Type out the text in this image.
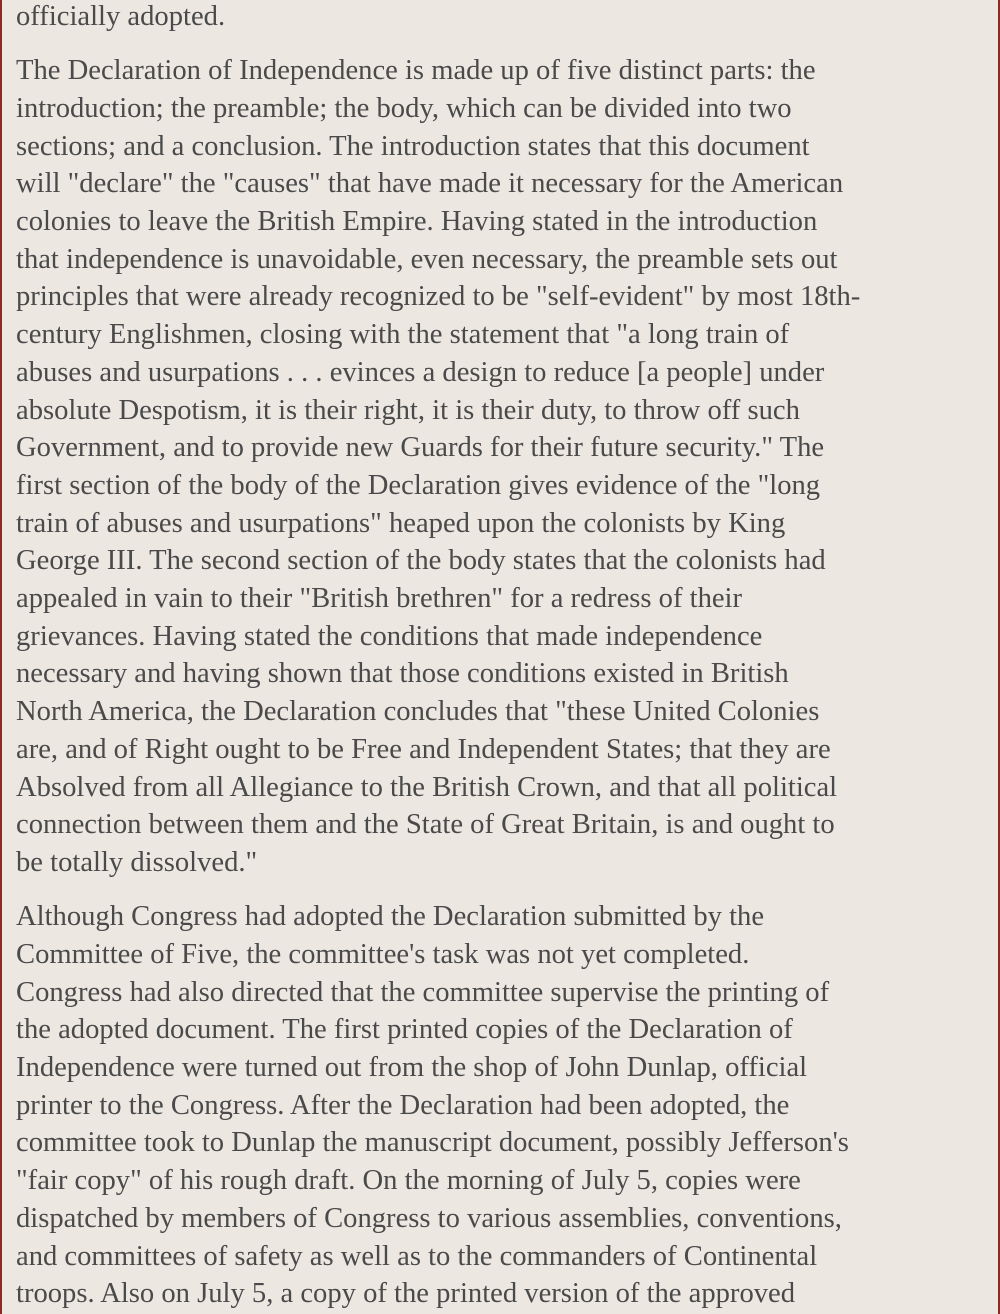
officially adopted.

The Declaration of Independence is made up of five distinct parts: the
introduction; the preamble; the body, which can be divided into two
sections; and a conclusion. The introduction states that this document
will "declare" the "causes" that have made it necessary for the American
colonies to leave the British Empire. Having stated in the introduction
that independence is unavoidable, even necessary, the preamble sets out
principles that were already recognized to be "self-evident" by most 18th-
century Englishmen, closing with the statement that "a long train of
abuses and usurpations . . . evinces a design to reduce [a people] under
absolute Despotism, it is their right, it is their duty, to throw off such
Government, and to provide new Guards for their future security." The
first section of the body of the Declaration gives evidence of the "long
train of abuses and usurpations" heaped upon the colonists by King
George III. The second section of the body states that the colonists had
appealed in vain to their "British brethren" for a redress of their
grievances. Having stated the conditions that made independence
necessary and having shown that those conditions existed in British
North America, the Declaration concludes that "these United Colonies
are, and of Right ought to be Free and Independent States; that they are
Absolved from all Allegiance to the British Crown, and that all political
connection between them and the State of Great Britain, is and ought to
be totally dissolved."

Although Congress had adopted the Declaration submitted by the
Committee of Five, the committee's task was not yet completed.
Congress had also directed that the committee supervise the printing of
the adopted document. The first printed copies of the Declaration of
Independence were turned out from the shop of John Dunlap, official
printer to the Congress. After the Declaration had been adopted, the
committee took to Dunlap the manuscript document, possibly Jefferson's
"fair copy" of his rough draft. On the morning of July 5, copies were
dispatched by members of Congress to various assemblies, conventions,
and committees of safety as well as to the commanders of Continental
troops. Also on July 5, a copy of the printed version of the approved
